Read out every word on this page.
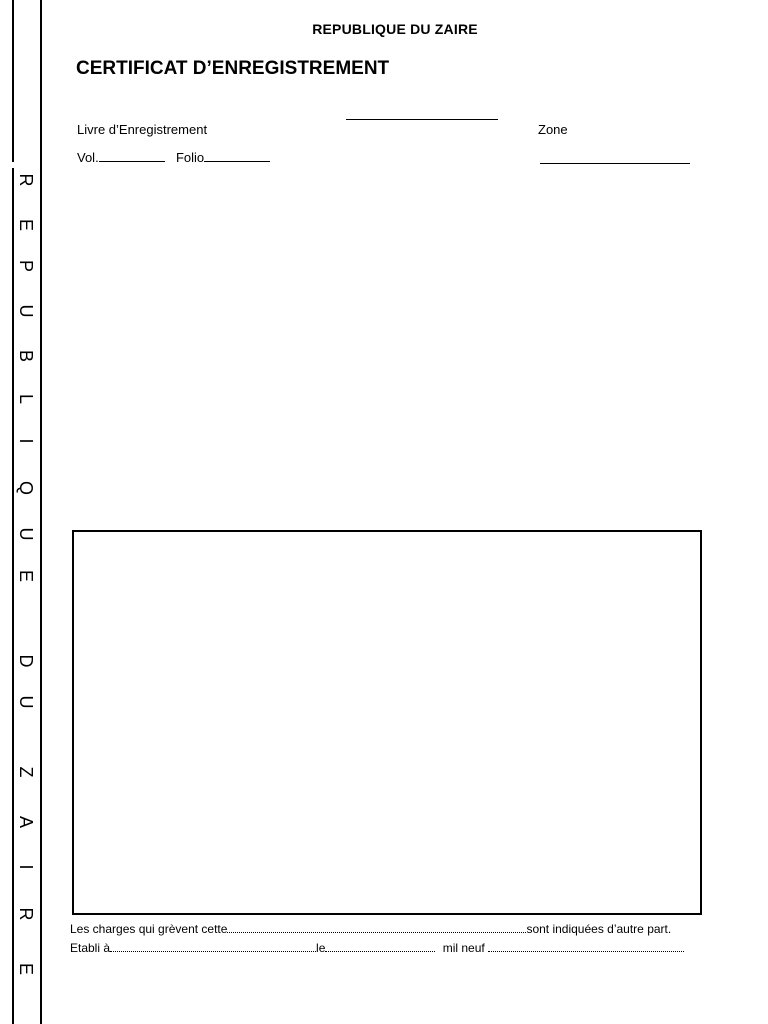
R
E
P
U
B
L
I
Q
U
E
D
U
Z
A
I
R
E
REPUBLIQUE DU ZAIRE
CERTIFICAT D’ENREGISTREMENT
Livre d’Enregistrement	Zone
Vol.	Folio
Les charges qui grèvent cette	sont indiquées d’autre part.
Etabli à	le	mil neuf
